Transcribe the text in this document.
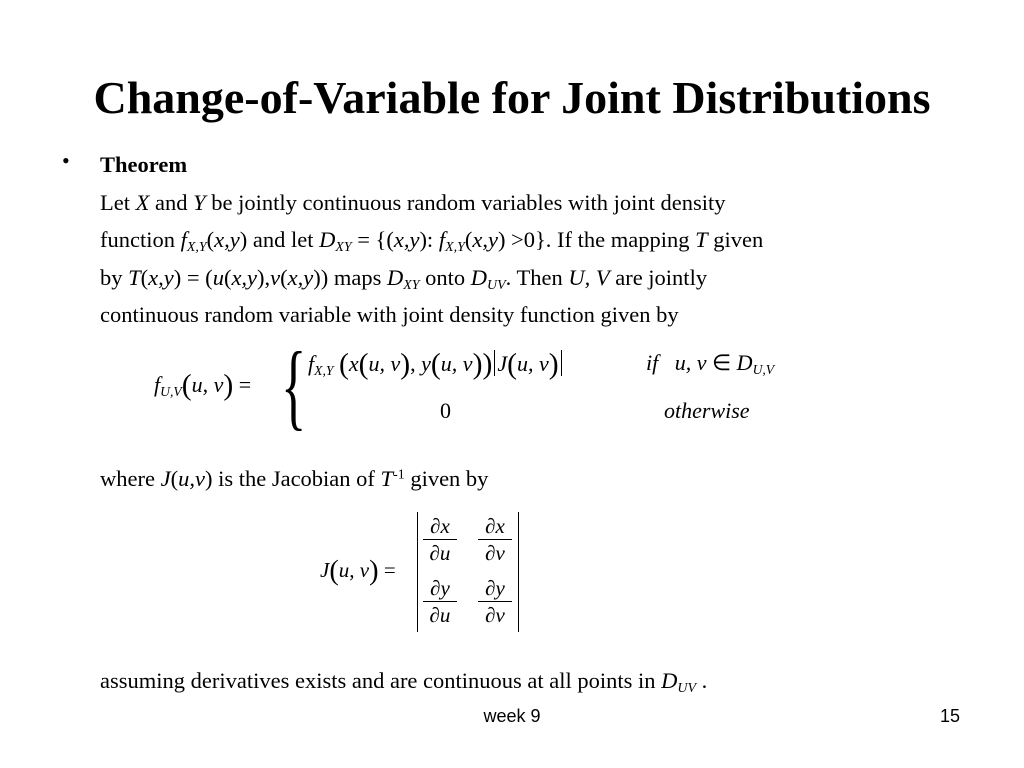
Change-of-Variable for Joint Distributions
• Theorem
Let X and Y be jointly continuous random variables with joint density
function $f_{X,Y}(x,y)$ and let $D_{XY} = \{(x,y)$: $f_{X,Y}(x,y) >0$}. If the mapping T given
by T(x,y) = (u(x,y),v(x,y)) maps $D_{XY}$ onto $D_{UV}$. Then U, V are jointly
continuous random variable with joint density function given by
$f_{U,V}(u$, v) = { $f_{X,Y}$ (x(u, v), y(u, v)) J(u, v)	if u, v ∈ $D_{U,V}$
0	otherwise
where J(u,v) is the Jacobian of $T^{-1}$ given by
J(u, v) =
$\frac{\partial x}{\partial u} \frac{\partial x}{\partial v}$
$\frac{\partial y}{\partial u} \frac{\partial y}{\partial v}$
assuming derivatives exists and are continuous at all points in $D_{UV}$ .
week 9	15
